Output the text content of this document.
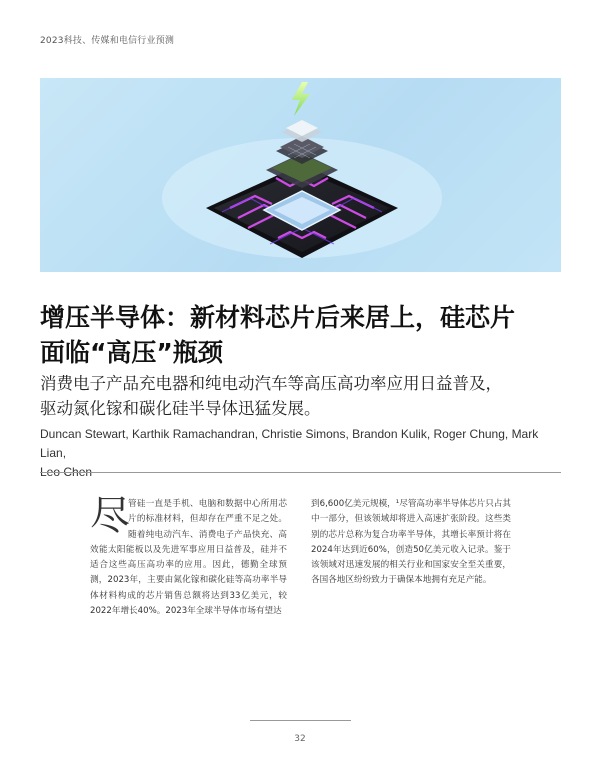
2023科技、传媒和电信行业预测
增压半导体：新材料芯片后来居上，硅芯片
面临“高压”瓶颈

消费电子产品充电器和纯电动汽车等高压高功率应用日益普及，
驱动氮化镓和碳化硅半导体迅猛发展。

Duncan Stewart, Karthik Ramachandran, Christie Simons, Brandon Kulik, Roger Chung, Mark Lian,
Leo Chen
尽
管硅一直是手机、电脑和数据中心所用芯片的标准材料，但却存在严重不足之处。随着纯电动汽车、消费电子产品快充、高效能太阳能板以及先进军事应用日益普及，硅并不适合这些高压高功率的应用。因此，德勤全球预测，2023年，主要由氮化镓和碳化硅等高功率半导体材料构成的芯片销售总额将达到33亿美元，较2022年增长40%。2023年全球半导体市场有望达
到6,600亿美元规模，¹尽管高功率半导体芯片只占其中一部分，但该领域却将进入高速扩张阶段。这些类别的芯片总称为复合功率半导体，其增长率预计将在2024年达到近60%，创造50亿美元收入记录。鉴于该领域对迅速发展的相关行业和国家安全至关重要，各国各地区纷纷致力于确保本地拥有充足产能。
32
